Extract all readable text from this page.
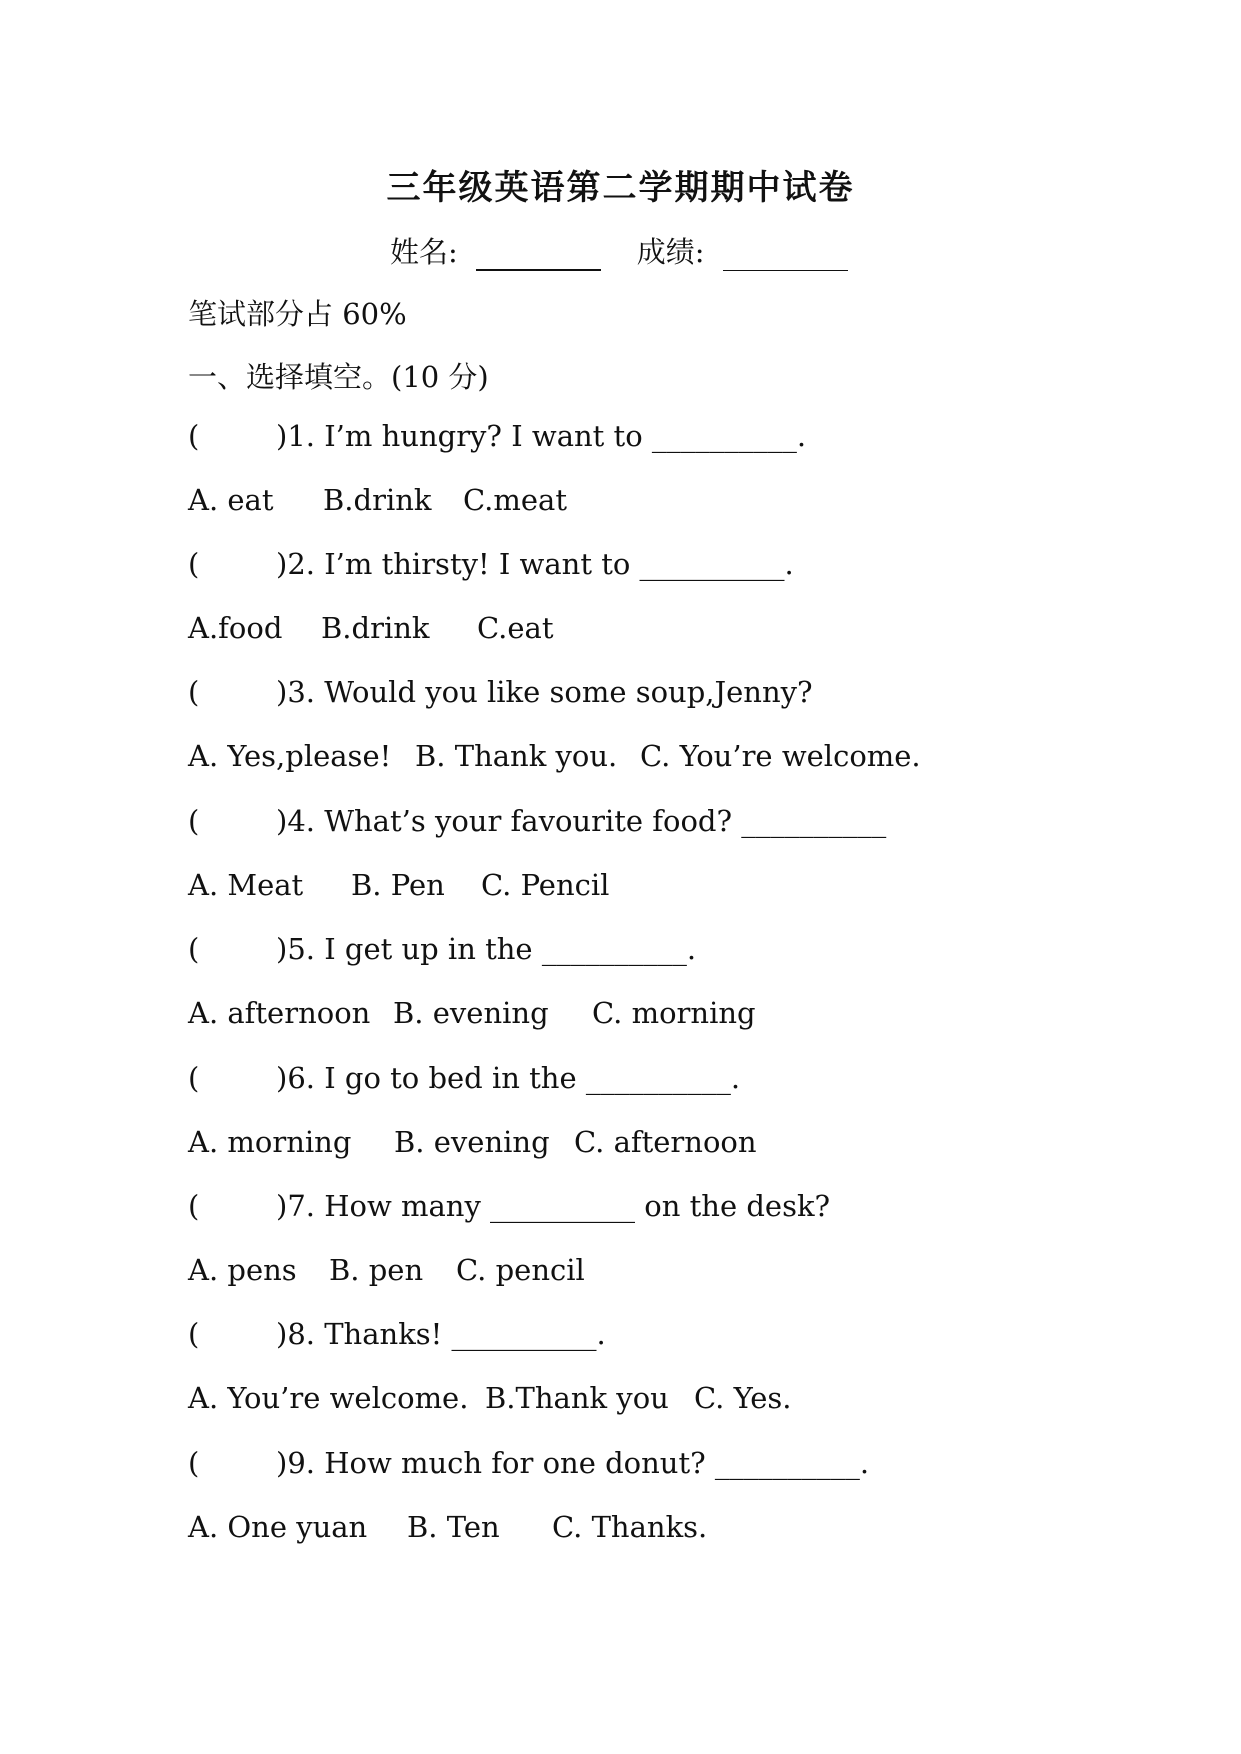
三年级英语第二学期期中试卷
姓名:	成绩:
笔试部分占 60%
一、选择填空。(10 分)
(	)1. I’m hungry? I want to __________.
A. eat B.drink C.meat
(	)2. I’m thirsty! I want to __________.
A.food B.drink C.eat
(	)3. Would you like some soup,Jenny?
A. Yes,please! B. Thank you. C. You’re welcome.
(	)4. What’s your favourite food? __________
A. Meat B. Pen C. Pencil
(	)5. I get up in the __________.
A. afternoon B. evening C. morning
(	)6. I go to bed in the __________.
A. morning B. evening C. afternoon
(	)7. How many __________ on the desk?
A. pens B. pen C. pencil
(	)8. Thanks! __________.
A. You’re welcome. B.Thank you C. Yes.
(	)9. How much for one donut? __________.
A. One yuan B. Ten C. Thanks.
